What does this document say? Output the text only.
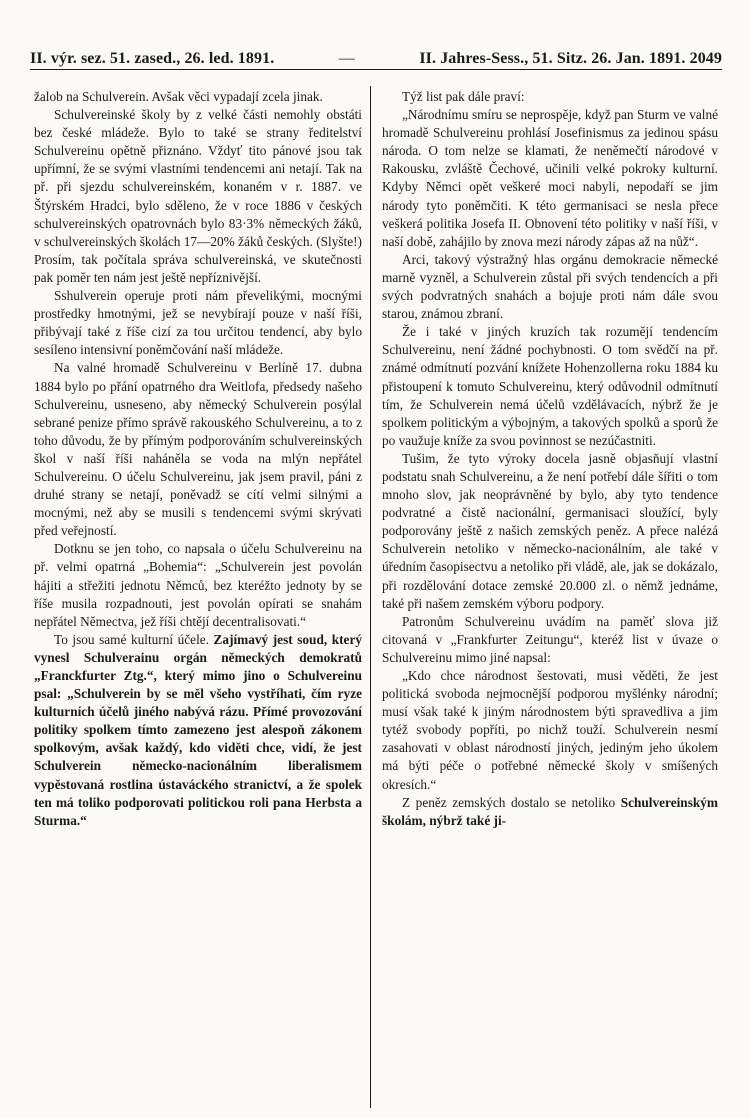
II. výr. sez. 51. zased., 26. led. 1891.	—	II. Jahres-Sess., 51. Sitz. 26. Jan. 1891. 2049

žalob na Schulverein. Avšak věci vypadají zcela jinak.

Schulvereinské školy by z velké části nemohly obstáti bez české mládeže. Bylo to také se strany ředitelství Schulvereinu opětně přiznáno. Vždyť tito pánové jsou tak upřímní, že se svými vlastními tendencemi ani netají. Tak na př. při sjezdu schulvereinském, konaném v r. 1887. ve Štýrském Hradci, bylo sděleno, že v roce 1886 v českých schulvereinských opatrovnách bylo 83·3% německých žáků, v schulvereinských školách 17—20% žáků českých. (Slyšte!) Prosím, tak počítala správa schulvereinská, ve skutečnosti pak poměr ten nám jest ještě nepříznivější.

Sshulverein operuje proti nám převelikými, mocnými prostředky hmotnými, jež se nevybírají pouze v naší říši, přibývají také z říše cizí za tou určitou tendencí, aby bylo sesíleno intensivní poněmčování naší mládeže.

Na valné hromadě Schulvereinu v Berlíně 17. dubna 1884 bylo po přání opatrného dra Weitlofa, předsedy našeho Schulvereinu, usneseno, aby německý Schulverein posýlal sebrané penize přímo správě rakouského Schulvereinu, a to z toho důvodu, že by přímým podporováním schulvereinských škol v naší říši naháněla se voda na mlýn nepřátel Schulvereinu. O účelu Schulvereinu, jak jsem pravil, páni z druhé strany se netají, poněvadž se cítí velmi silnými a mocnými, než aby se musili s tendencemi svými skrývati před veřejností.

Dotknu se jen toho, co napsala o účelu Schulvereinu na př. velmi opatrná „Bohemia“: „Schulverein jest povolán hájiti a střežiti jednotu Němců, bez kteréžto jednoty by se říše musila rozpadnouti, jest povolán opírati se snahám nepřátel Němectva, jež říši chtějí decentralisovati.“

To jsou samé kulturní účele. Zajímavý jest soud, který vynesl Schulverainu orgán německých demokratů „Franckfurter Ztg.“, který mimo jino o Schulvereinu psal: „Schulverein by se měl všeho vystříhati, čím ryze kulturních účelů jiného nabývá rázu. Přímé provozování politiky spolkem tímto zamezeno jest alespoň zákonem spolkovým, avšak každý, kdo viděti chce, vidí, že jest Schulverein německo-nacionálním liberalismem vypěstovaná rostlina ústaváckého stranictví, a že spolek ten má toliko podporovati politickou roli pana Herbsta a Sturma.“

Týž list pak dále praví:

„Národnímu smíru se neprospěje, když pan Sturm ve valné hromadě Schulvereinu prohlásí Josefinismus za jedinou spásu národa. O tom nelze se klamati, že neněmečtí národové v Rakousku, zvláště Čechové, učinili velké pokroky kulturní. Kdyby Němci opět veškeré moci nabyli, nepodaří se jim národy tyto poněmčiti. K této germanisaci se nesla přece veškerá politika Josefa II. Obnovení této politiky v naší říši, v naší době, zahájilo by znova mezi národy zápas až na nůž“.

Arci, takový výstražný hlas orgánu demokracie německé marně vyzněl, a Schulverein zůstal při svých tendencích a při svých podvratných snahách a bojuje proti nám dále svou starou, známou zbraní.

Že i také v jiných kruzích tak rozumějí tendencím Schulvereinu, není žádné pochybnosti. O tom svědčí na př. známé odmítnutí pozvání knížete Hohenzollerna roku 1884 ku přistoupení k tomuto Schulvereinu, který odůvodnil odmítnutí tím, že Schulverein nemá účelů vzdělávacích, nýbrž že je spolkem politickým a výbojným, a takových spolků a sporů že po vaužuje kníže za svou povinnost se nezúčastniti.

Tušim, že tyto výroky docela jasně objasňují vlastní podstatu snah Schulvereinu, a že není potřebí dále šířiti o tom mnoho slov, jak neoprávněné by bylo, aby tyto tendence podvratné a čistě nacionální, germanisaci sloužící, byly podporovány ještě z našich zemských peněz. A přece nalézá Schulverein netoliko v německo-nacionálním, ale také v úředním časopisectvu a netoliko při vládě, ale, jak se dokázalo, při rozdělování dotace zemské 20.000 zl. o němž jednáme, také při našem zemském výboru podpory.

Patronům Schulvereinu uvádím na paměť slova již citovaná v „Frankfurter Zeitungu“, kteréž list v úvaze o Schulvereinu mimo jiné napsal:

„Kdo chce národnost šestovati, musi věděti, že jest politická svoboda nejmocnější podporou myšlénky národní; musí však také k jiným národnostem býti spravedliva a jim tytéž svobody popříti, po nichž touží. Schulverein nesmí zasahovati v oblast národností jiných, jediným jeho úkolem má býti péče o potřebné německé školy v smíšených okresích.“

Z peněz zemských dostalo se netoliko Schulvereinským školám, nýbrž také ji-
